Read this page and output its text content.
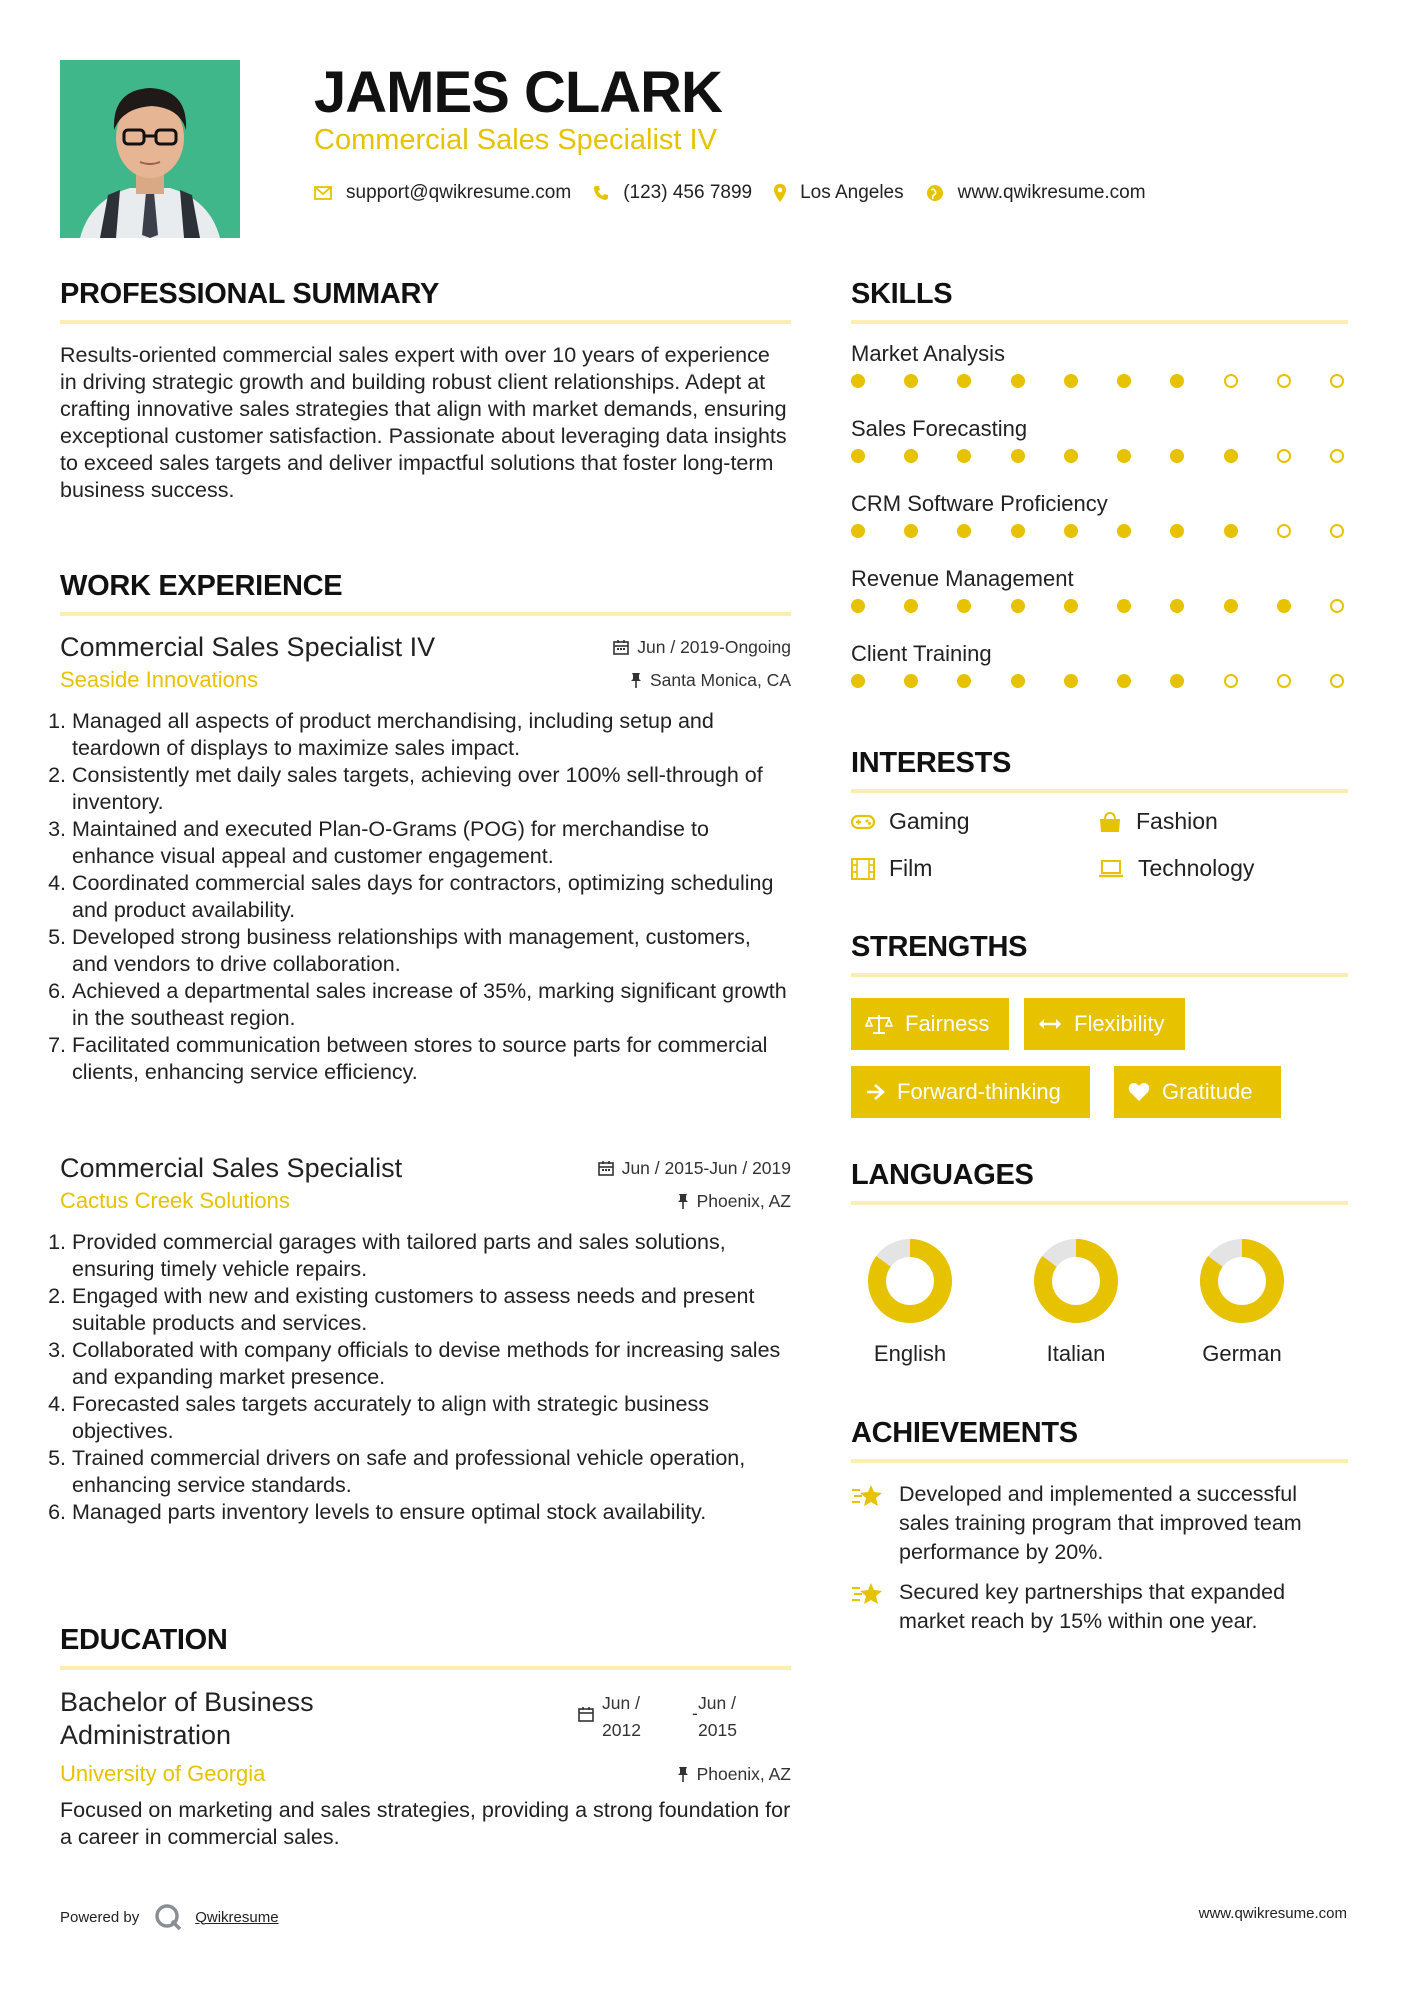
JAMES CLARK
Commercial Sales Specialist IV
support@qwikresume.com	(123) 456 7899	Los Angeles	www.qwikresume.com
PROFESSIONAL SUMMARY
Results-oriented commercial sales expert with over 10 years of experience in driving strategic growth and building robust client relationships. Adept at crafting innovative sales strategies that align with market demands, ensuring exceptional customer satisfaction. Passionate about leveraging data insights to exceed sales targets and deliver impactful solutions that foster long-term business success.
WORK EXPERIENCE
Commercial Sales Specialist IV	Jun / 2019-Ongoing
Seaside Innovations	Santa Monica, CA
1. Managed all aspects of product merchandising, including setup and teardown of displays to maximize sales impact.
2. Consistently met daily sales targets, achieving over 100% sell-through of inventory.
3. Maintained and executed Plan-O-Grams (POG) for merchandise to enhance visual appeal and customer engagement.
4. Coordinated commercial sales days for contractors, optimizing scheduling and product availability.
5. Developed strong business relationships with management, customers, and vendors to drive collaboration.
6. Achieved a departmental sales increase of 35%, marking significant growth in the southeast region.
7. Facilitated communication between stores to source parts for commercial clients, enhancing service efficiency.
Commercial Sales Specialist	Jun / 2015-Jun / 2019
Cactus Creek Solutions	Phoenix, AZ
1. Provided commercial garages with tailored parts and sales solutions, ensuring timely vehicle repairs.
2. Engaged with new and existing customers to assess needs and present suitable products and services.
3. Collaborated with company officials to devise methods for increasing sales and expanding market presence.
4. Forecasted sales targets accurately to align with strategic business objectives.
5. Trained commercial drivers on safe and professional vehicle operation, enhancing service standards.
6. Managed parts inventory levels to ensure optimal stock availability.
EDUCATION
Bachelor of Business Administration
Jun / 2012
- Jun / 2015
University of Georgia	Phoenix, AZ
Focused on marketing and sales strategies, providing a strong foundation for a career in commercial sales.
SKILLS
Market Analysis
Sales Forecasting
CRM Software Proficiency
Revenue Management
Client Training
INTERESTS
Gaming	Fashion
Film	Technology
STRENGTHS
Fairness	Flexibility
Forward-thinking	Gratitude
LANGUAGES
English	Italian	German
ACHIEVEMENTS
Developed and implemented a successful sales training program that improved team performance by 20%.
Secured key partnerships that expanded market reach by 15% within one year.
Powered by	Qwikresume	www.qwikresume.com
